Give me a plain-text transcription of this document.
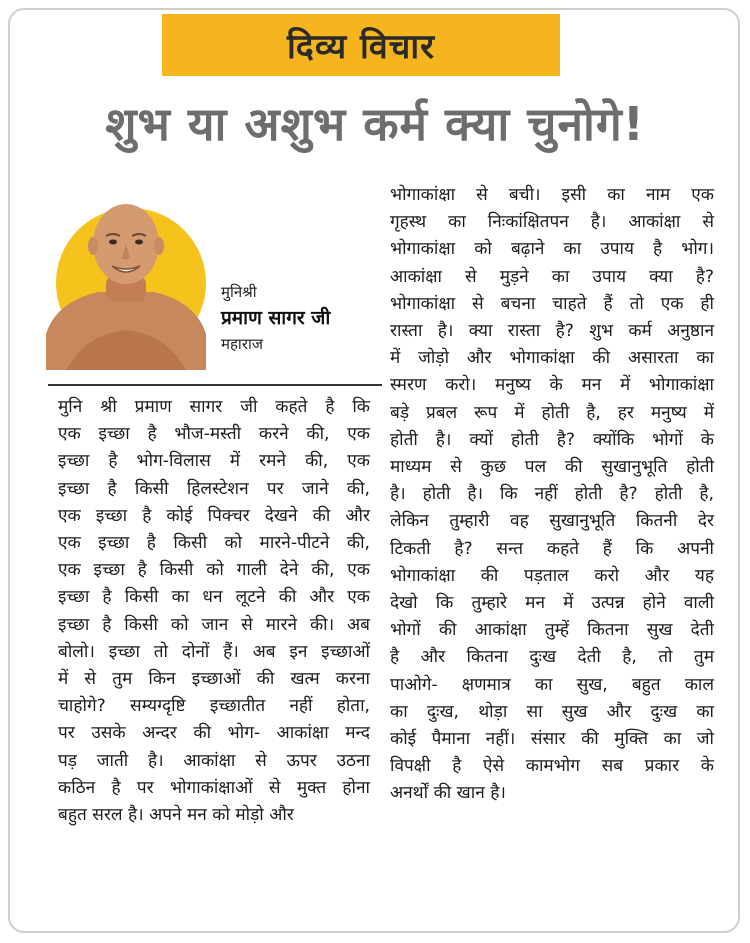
दिव्य विचार
शुभ या अशुभ कर्म क्या चुनोगे!
मुनिश्री
प्रमाण सागर जी
महाराज
मुनि श्री प्रमाण सागर जी कहते है कि
एक इच्छा है भौज-मस्ती करने की, एक
इच्छा है भोग-विलास में रमने की, एक
इच्छा है किसी हिलस्टेशन पर जाने की,
एक इच्छा है कोई पिक्चर देखने की और
एक इच्छा है किसी को मारने-पीटने की,
एक इच्छा है किसी को गाली देने की, एक
इच्छा है किसी का धन लूटने की और एक
इच्छा है किसी को जान से मारने की। अब
बोलो। इच्छा तो दोनों हैं। अब इन इच्छाओं
में से तुम किन इच्छाओं की खत्म करना
चाहोगे? सम्यग्दृष्टि इच्छातीत नहीं होता,
पर उसके अन्दर की भोग- आकांक्षा मन्द
पड़ जाती है। आकांक्षा से ऊपर उठना
कठिन है पर भोगाकांक्षाओं से मुक्त होना
बहुत सरल है। अपने मन को मोड़ो और
भोगाकांक्षा से बची। इसी का नाम एक
गृहस्थ का निःकांक्षितपन है। आकांक्षा से
भोगाकांक्षा को बढ़ाने का उपाय है भोग।
आकांक्षा से मुड़ने का उपाय क्या है?
भोगाकांक्षा से बचना चाहते हैं तो एक ही
रास्ता है। क्या रास्ता है? शुभ कर्म अनुष्ठान
में जोड़ो और भोगाकांक्षा की असारता का
स्मरण करो। मनुष्य के मन में भोगाकांक्षा
बड़े प्रबल रूप में होती है, हर मनुष्य में
होती है। क्यों होती है? क्योंकि भोगों के
माध्यम से कुछ पल की सुखानुभूति होती
है। होती है। कि नहीं होती है? होती है,
लेकिन तुम्हारी वह सुखानुभूति कितनी देर
टिकती है? सन्त कहते हैं कि अपनी
भोगाकांक्षा की पड़ताल करो और यह
देखो कि तुम्हारे मन में उत्पन्न होने वाली
भोगों की आकांक्षा तुम्हें कितना सुख देती
है और कितना दुःख देती है, तो तुम
पाओगे- क्षणमात्र का सुख, बहुत काल
का दुःख, थोड़ा सा सुख और दुःख का
कोई पैमाना नहीं। संसार की मुक्ति का जो
विपक्षी है ऐसे कामभोग सब प्रकार के
अनर्थों की खान है।
